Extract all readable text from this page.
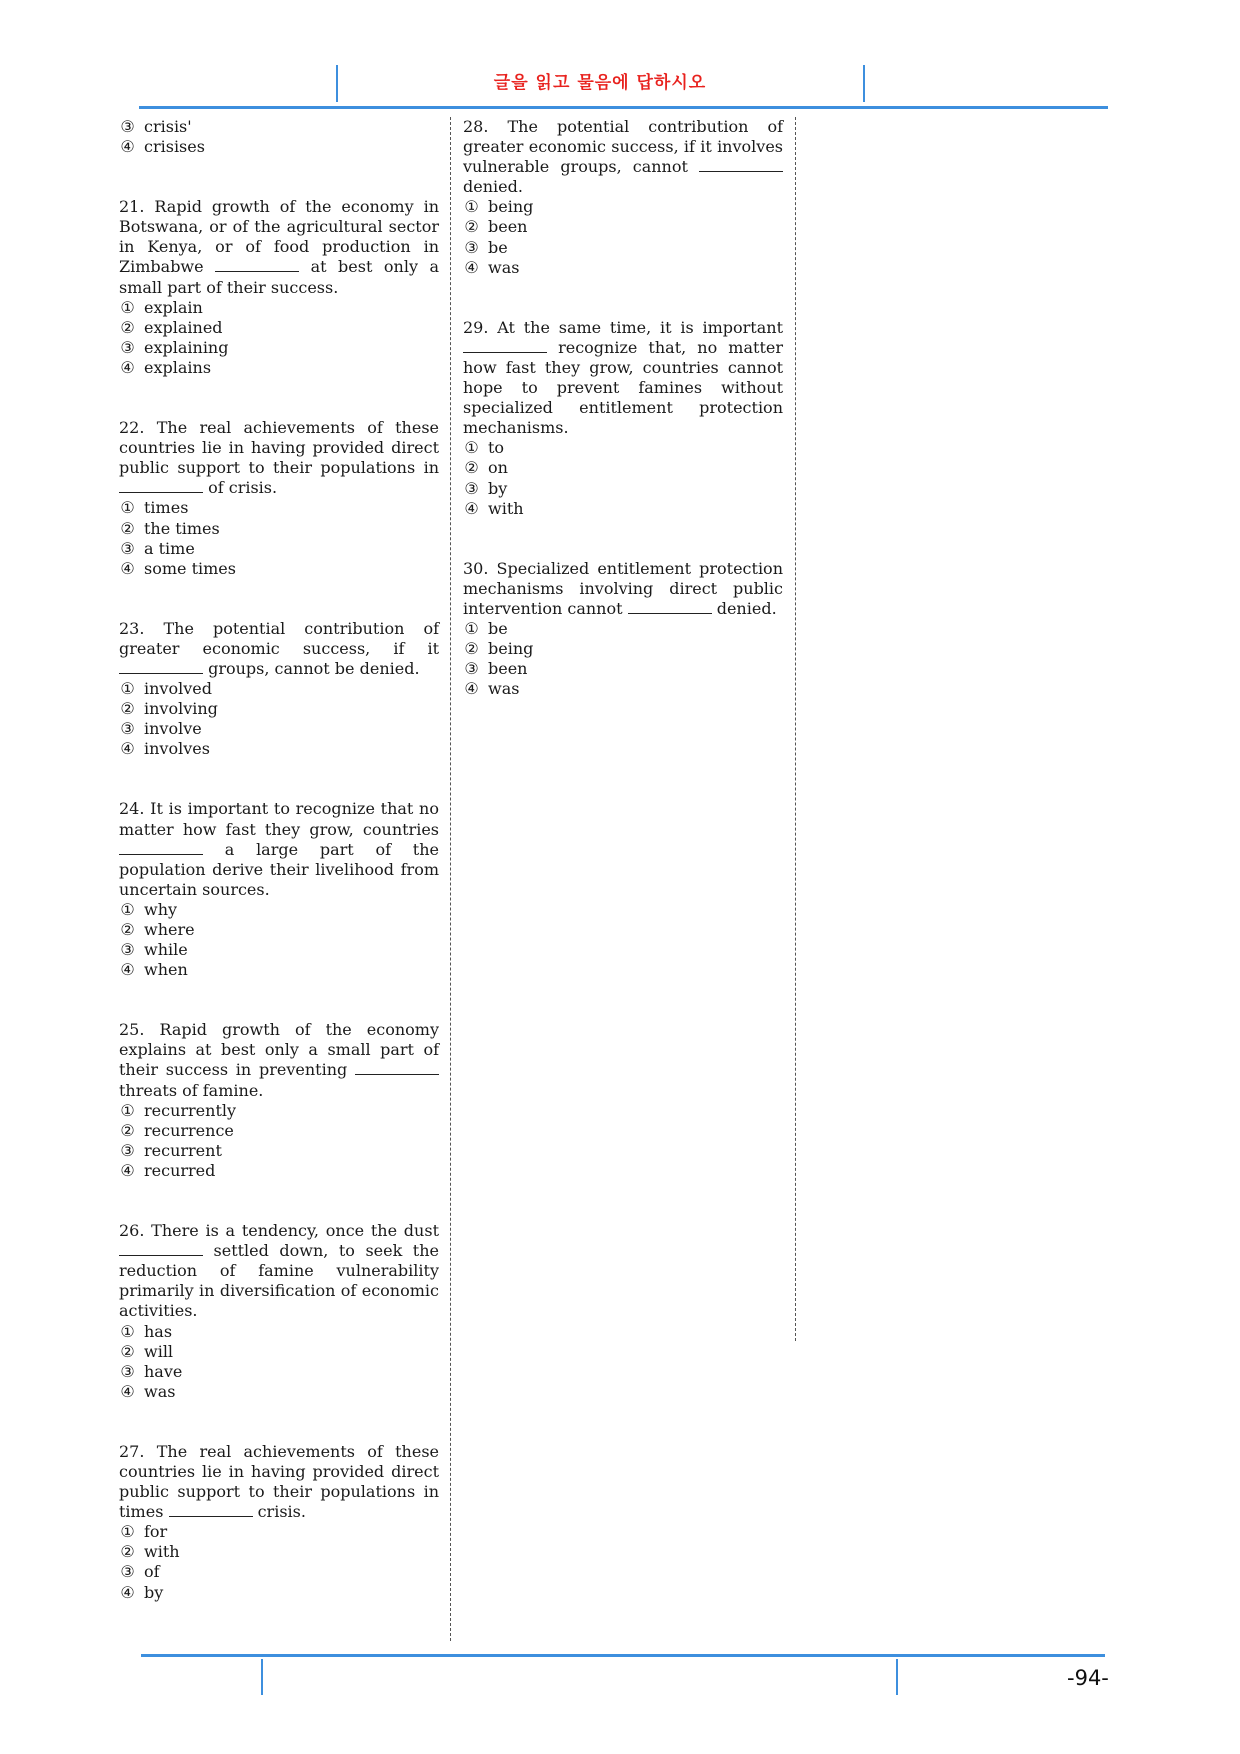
글을 읽고 물음에 답하시오
③ crisis'
④ crisises
21. Rapid growth of the economy in Botswana, or of the agricultural sector in Kenya, or of food production in Zimbabwe	at best only a small part of their success.
① explain
② explained
③ explaining
④ explains
22. The real achievements of these countries lie in having provided direct public support to their populations in  of crisis.
① times
② the times
③ a time
④ some times
23. The potential contribution of greater economic success, if it  groups, cannot be denied.
① involved
② involving
③ involve
④ involves
24. It is important to recognize that no matter how fast they grow, countries  a large part of the population derive their livelihood from uncertain sources.
① why
② where
③ while
④ when
25. Rapid growth of the economy explains at best only a small part of their success in preventing  threats of famine.
① recurrently
② recurrence
③ recurrent
④ recurred
26. There is a tendency, once the dust  settled down, to seek the reduction of famine vulnerability primarily in diversification of economic activities.
① has
② will
③ have
④ was
27. The real achievements of these countries lie in having provided direct public support to their populations in times	crisis.
① for
② with
③ of
④ by
28. The potential contribution of greater economic success, if it involves vulnerable groups, cannot  denied.
① being
② been
③ be
④ was
29. At the same time, it is important  recognize that, no matter how fast they grow, countries cannot hope to prevent famines without specialized entitlement protection mechanisms.
① to
② on
③ by
④ with
30. Specialized entitlement protection mechanisms involving direct public intervention cannot	denied.
① be
② being
③ been
④ was
-94-
